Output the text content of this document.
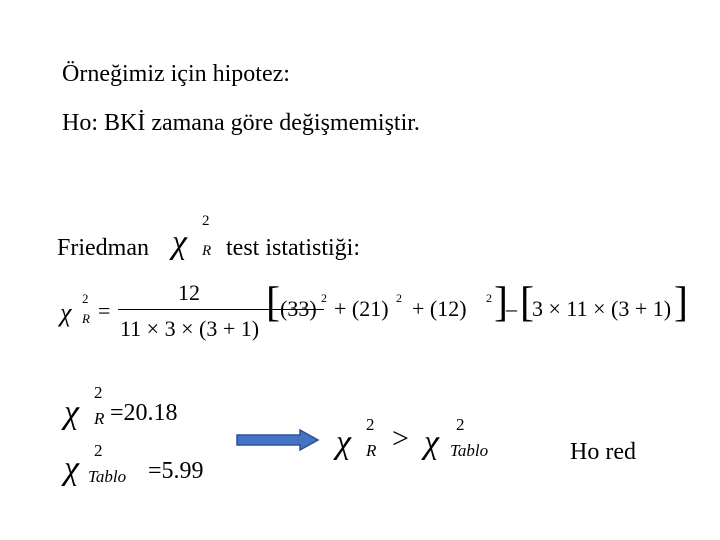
Örneğimiz için hipotez:
Ho: BKİ zamana göre değişmemiştir.
Friedman χ
2
R test istatistiği:
χ 2
R =
12
11 × 3 × (3 + 1)
[ (33) 2 + (21) 2 + (12) 2 ]
– [
3 × 11 × (3 + 1) ]
χ
2
R =20.18
χ 2
Tablo =5.99
χ 2
R > χ 2
Tablo	Ho red
